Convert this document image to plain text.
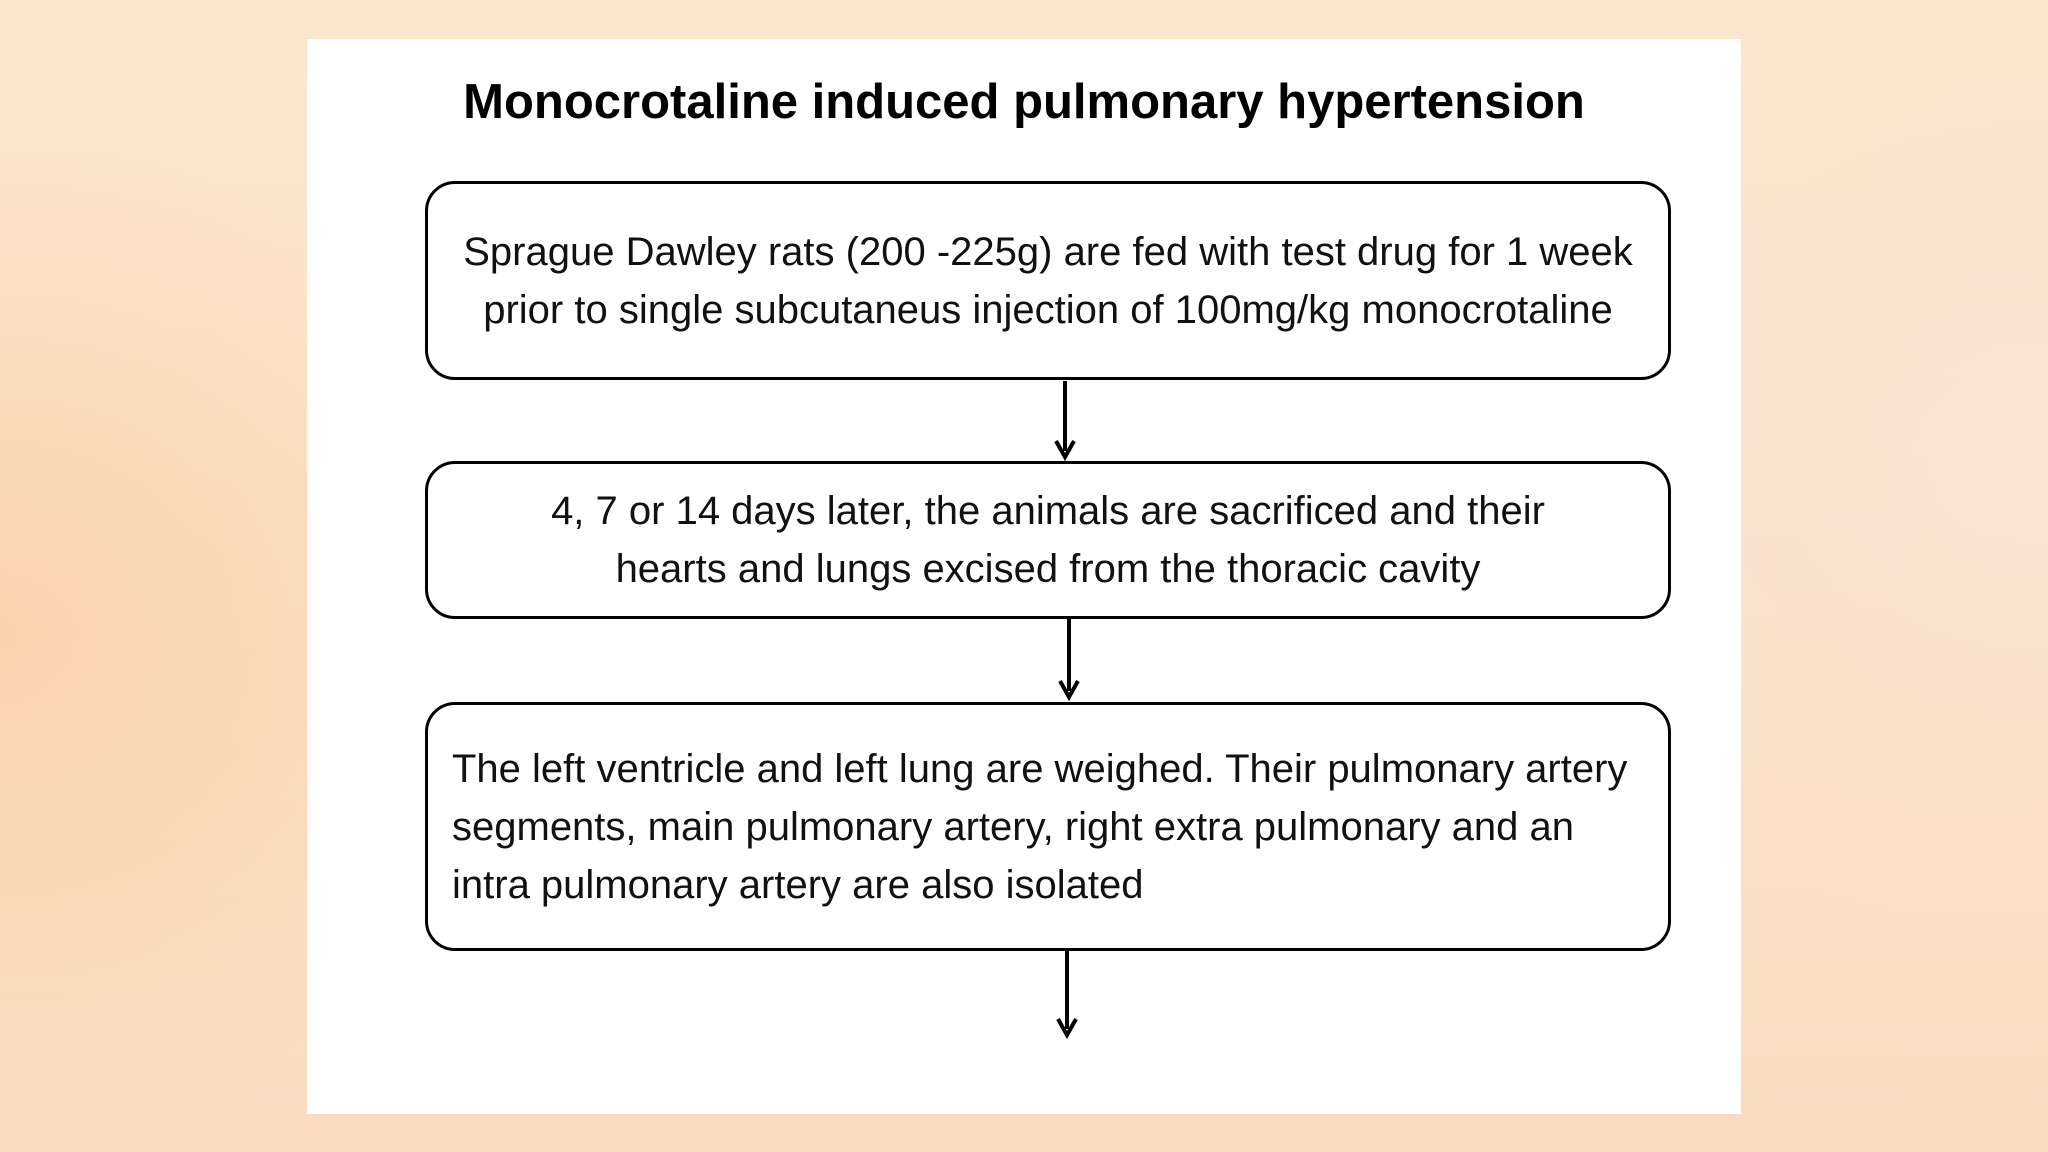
Monocrotaline induced pulmonary hypertension

Sprague Dawley rats (200 -225g) are fed with test drug for 1 week prior to single subcutaneus injection of 100mg/kg monocrotaline

4, 7 or 14 days later, the animals are sacrificed and their hearts and lungs excised from the thoracic cavity

The left ventricle and left lung are weighed. Their pulmonary artery segments, main pulmonary artery, right extra pulmonary and an intra pulmonary artery are also isolated
